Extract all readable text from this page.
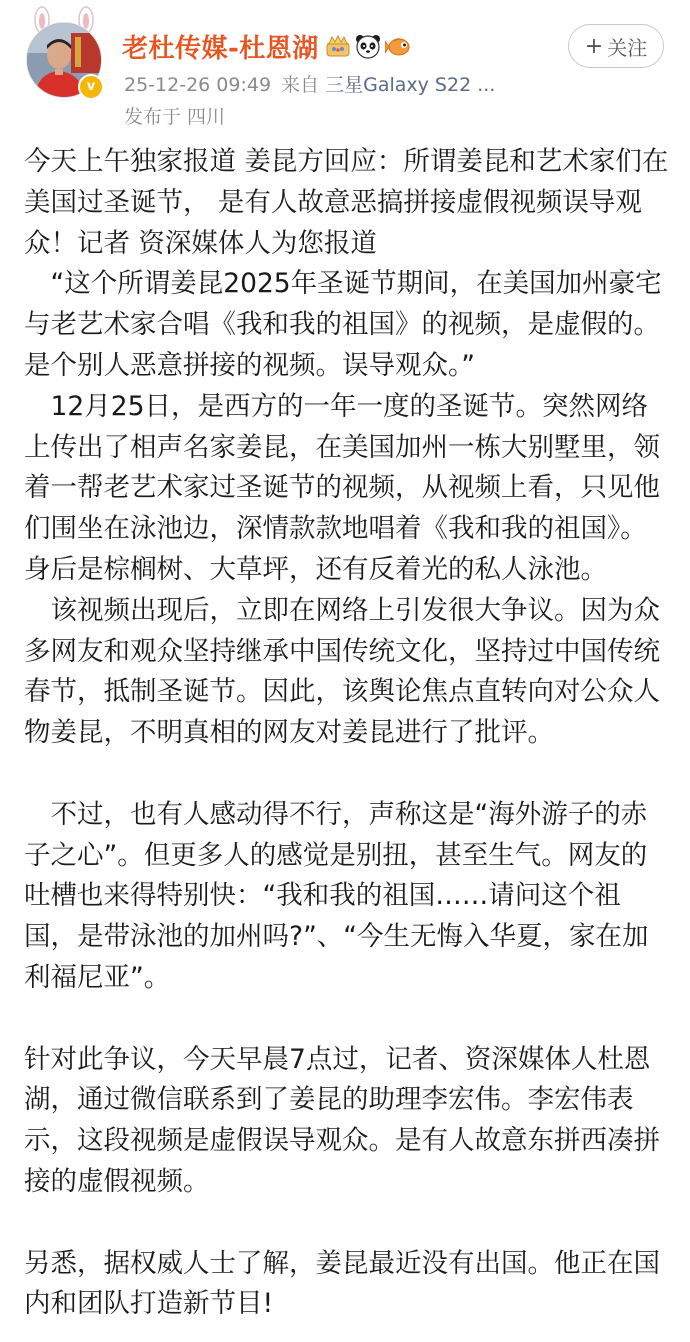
v
老杜传媒-杜恩湖
25-12-26 09:49 来自 三星Galaxy S22 ...
发布于 四川
+ 关注

今天上午独家报道 姜昆方回应：所谓姜昆和艺术家们在美国过圣诞节， 是有人故意恶搞拼接虚假视频误导观众！记者 资深媒体人为您报道

“这个所谓姜昆2025年圣诞节期间，在美国加州豪宅与老艺术家合唱《我和我的祖国》的视频，是虚假的。是个别人恶意拼接的视频。误导观众。”

12月25日，是西方的一年一度的圣诞节。突然网络上传出了相声名家姜昆，在美国加州一栋大别墅里，领着一帮老艺术家过圣诞节的视频，从视频上看，只见他们围坐在泳池边，深情款款地唱着《我和我的祖国》。身后是棕榈树、大草坪，还有反着光的私人泳池。

该视频出现后，立即在网络上引发很大争议。因为众多网友和观众坚持继承中国传统文化，坚持过中国传统春节，抵制圣诞节。因此，该舆论焦点直转向对公众人物姜昆，不明真相的网友对姜昆进行了批评。

不过，也有人感动得不行，声称这是“海外游子的赤子之心”。但更多人的感觉是别扭，甚至生气。网友的吐槽也来得特别快：“我和我的祖国……请问这个祖国，是带泳池的加州吗?”、“今生无悔入华夏，家在加利福尼亚”。

针对此争议，今天早晨7点过，记者、资深媒体人杜恩湖，通过微信联系到了姜昆的助理李宏伟。李宏伟表示，这段视频是虚假误导观众。是有人故意东拼西凑拼接的虚假视频。

另悉，据权威人士了解，姜昆最近没有出国。他正在国内和团队打造新节目!
